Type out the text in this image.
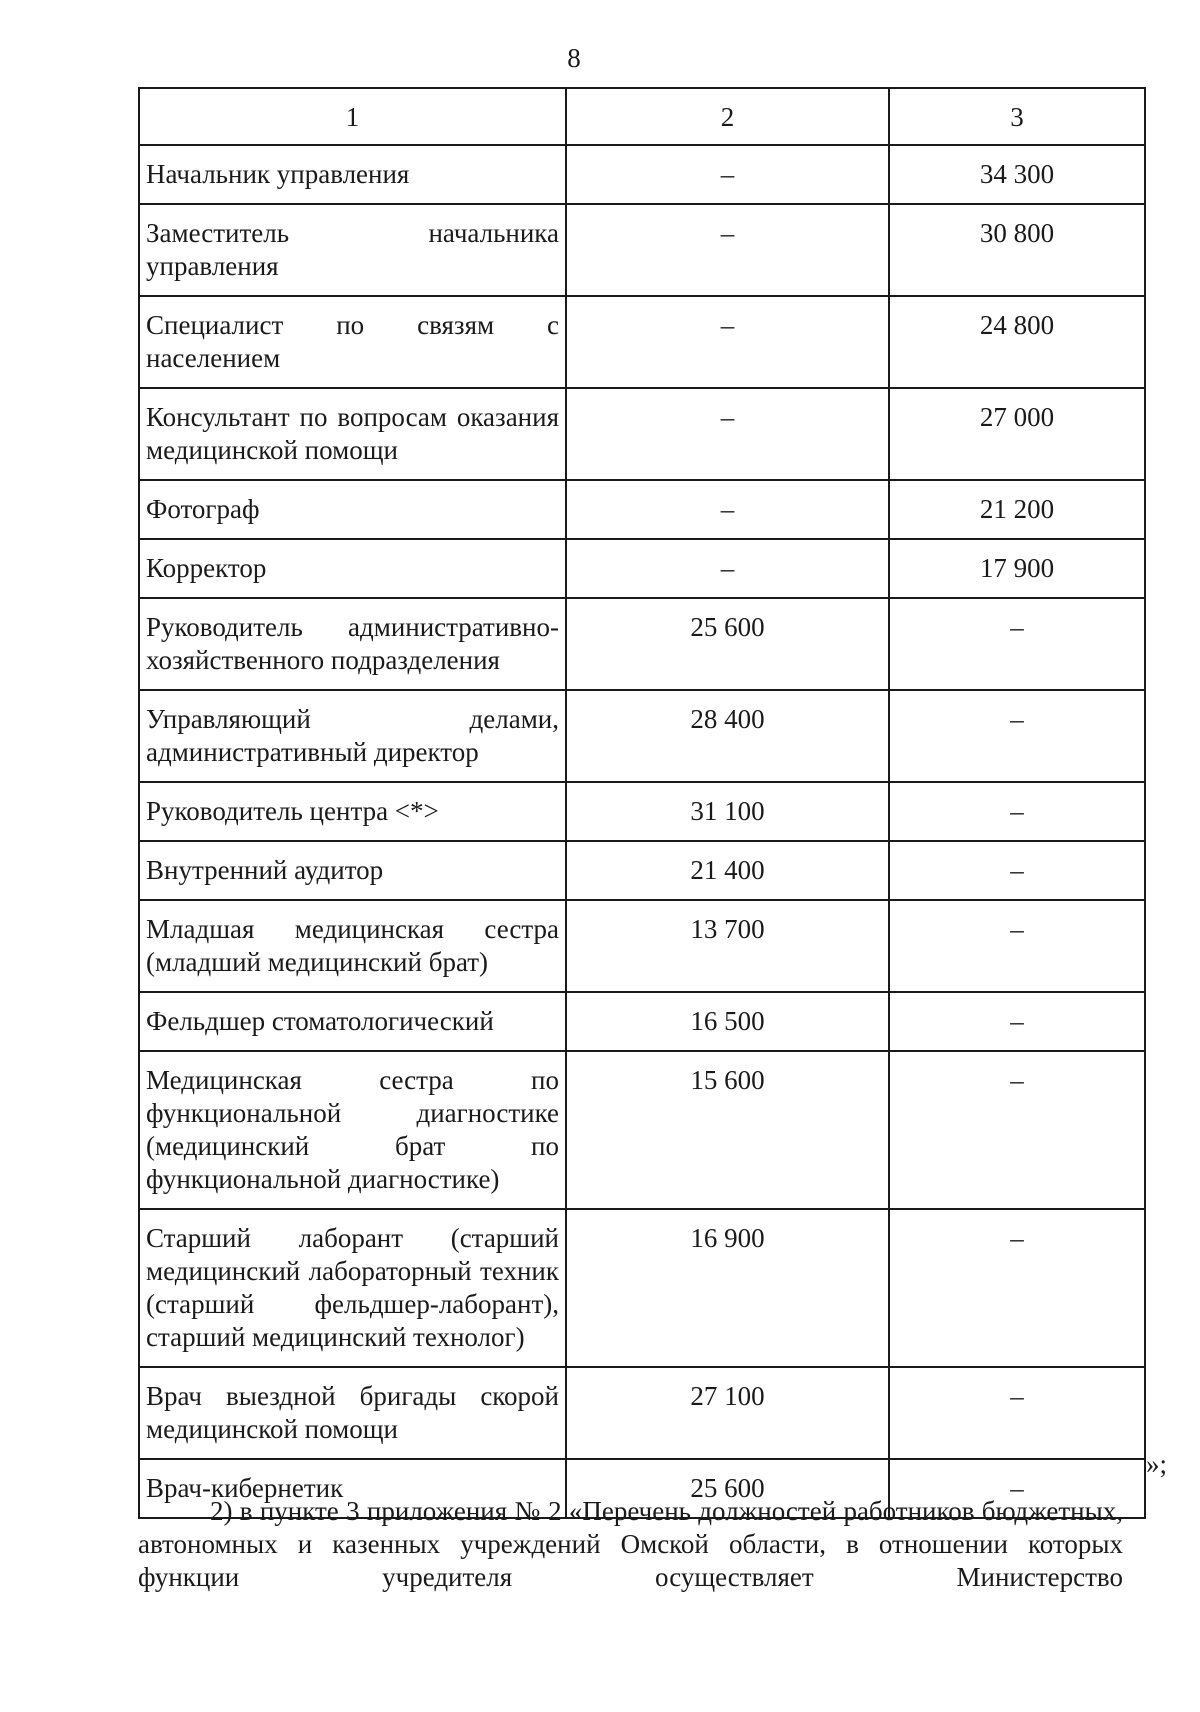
8
1	2	3
Начальник управления	–	34 300
Заместитель начальника управления	–	30 800
Специалист по связям с населением	–	24 800
Консультант по вопросам оказания медицинской помощи	–	27 000
Фотограф	–	21 200
Корректор	–	17 900
Руководитель административно-хозяйственного подразделения	25 600	–
Управляющий делами, административный директор	28 400	–
Руководитель центра <*>	31 100	–
Внутренний аудитор	21 400	–
Младшая медицинская сестра (младший медицинский брат)	13 700	–
Фельдшер стоматологический	16 500	–
Медицинская сестра по функциональной диагностике (медицинский брат по функциональной диагностике)	15 600	–
Старший лаборант (старший медицинский лабораторный техник (старший фельдшер-лаборант), старший медицинский технолог)	16 900	–
Врач выездной бригады скорой медицинской помощи	27 100	–
Врач-кибернетик	25 600	–
»;

2) в пункте 3 приложения № 2 «Перечень должностей работников бюджетных, автономных и казенных учреждений Омской области, в отношении которых функции учредителя осуществляет Министерство
